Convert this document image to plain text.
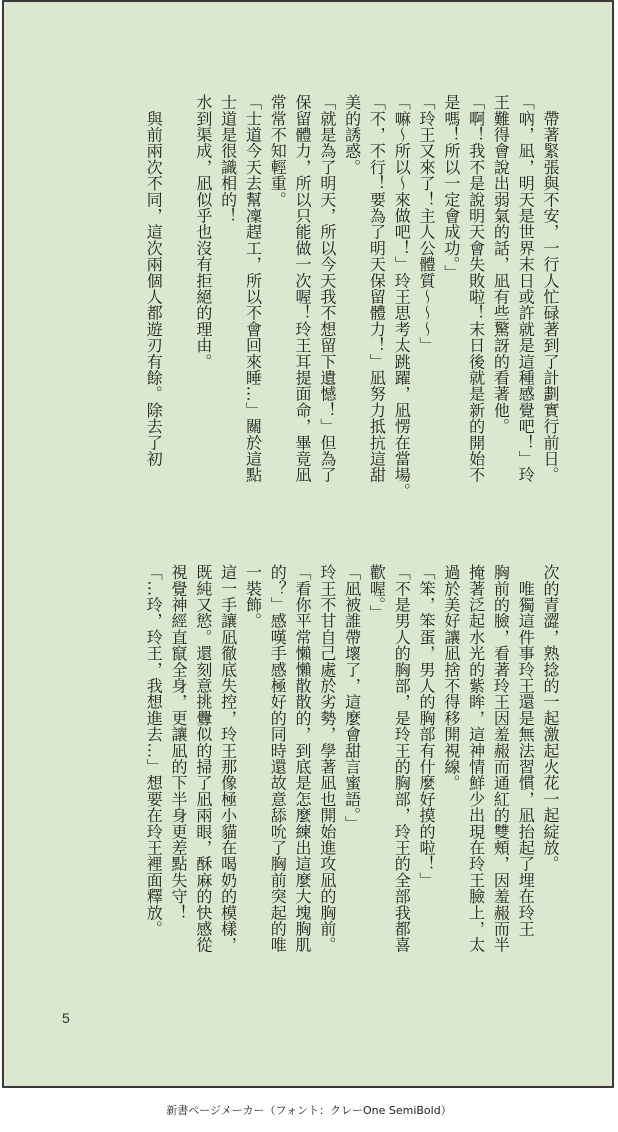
　帶著緊張與不安，一行人忙碌著到了計劃實行前日。
「吶，凪，明天是世界末日或許就是這種感覺吧！」玲
王難得會說出弱氣的話，凪有些驚訝的看著他。
「啊！我不是說明天會失敗啦！末日後就是新的開始不
是嗎！所以一定會成功。」
「玲王又來了！主人公體質～～～」
「嘛～所以～來做吧！」玲王思考太跳躍，凪愣在當場。
「不，不行！要為了明天保留體力！」凪努力抵抗這甜
美的誘惑。
「就是為了明天，所以今天我不想留下遺憾！」但為了
保留體力，所以只能做一次喔！玲王耳提面命，畢竟凪
常常不知輕重。
「士道今天去幫凜趕工，所以不會回來睡…」關於這點
士道是很識相的！
水到渠成，凪似乎也沒有拒絕的理由。
　與前兩次不同，這次兩個人都遊刃有餘。除去了初
次的青澀，熟捻的一起激起火花一起綻放。
　唯獨這件事玲王還是無法習慣，凪抬起了埋在玲王
胸前的臉，看著玲王因羞赧而通紅的雙頰，因羞赧而半
掩著泛起水光的紫眸，這神情鮮少出現在玲王臉上，太
過於美好讓凪捨不得移開視線。
「笨，笨蛋，男人的胸部有什麼好摸的啦！」
「不是男人的胸部，是玲王的胸部，玲王的全部我都喜
歡喔。」
「凪被誰帶壞了，這麼會甜言蜜語。」
玲王不甘自己處於劣勢，學著凪也開始進攻凪的胸前。
「看你平常懶懶散散的，到底是怎麼練出這麼大塊胸肌
的？」感嘆手感極好的同時還故意舔吮了胸前突起的唯
一裝飾。
這一手讓凪徹底失控，玲王那像極小貓在喝奶的模樣，
既純又慾。還刻意挑釁似的掃了凪兩眼，酥麻的快感從
視覺神經直竄全身，更讓凪的下半身更差點失守！
「…玲，玲王，我想進去…」想要在玲王裡面釋放。
5
新書ページメーカー（フォント：クレーOne SemiBold）
